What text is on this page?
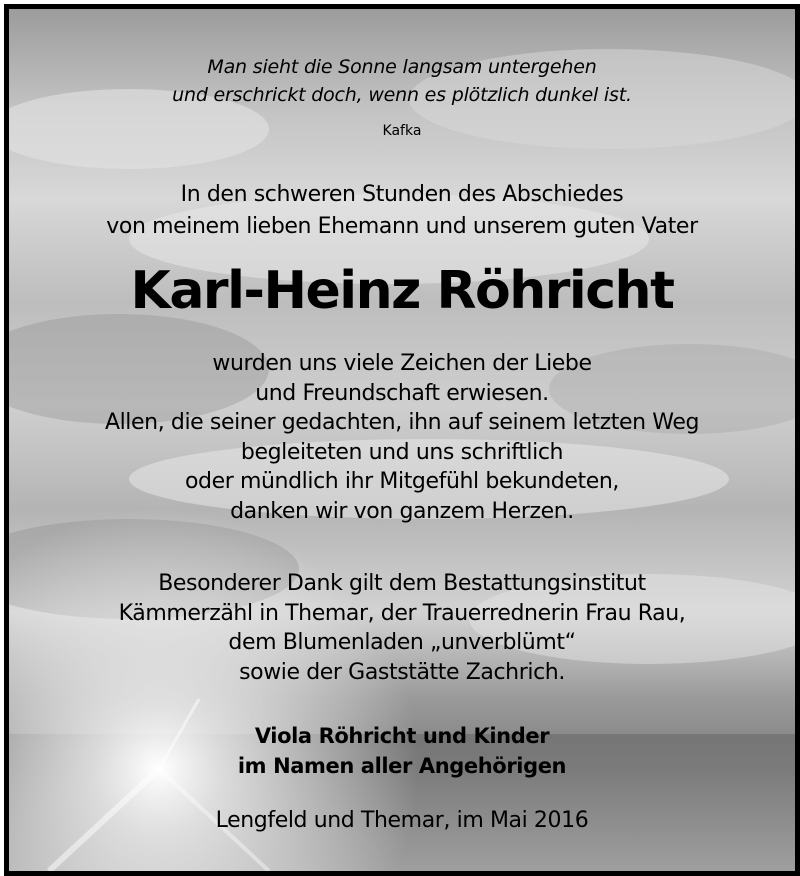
Man sieht die Sonne langsam untergehen
und erschrickt doch, wenn es plötzlich dunkel ist.
Kafka
In den schweren Stunden des Abschiedes
von meinem lieben Ehemann und unserem guten Vater
Karl-Heinz Röhricht
wurden uns viele Zeichen der Liebe
und Freundschaft erwiesen.
Allen, die seiner gedachten, ihn auf seinem letzten Weg
begleiteten und uns schriftlich
oder mündlich ihr Mitgefühl bekundeten,
danken wir von ganzem Herzen.
Besonderer Dank gilt dem Bestattungsinstitut
Kämmerzähl in Themar, der Trauerrednerin Frau Rau,
dem Blumenladen „unverblümt“
sowie der Gaststätte Zachrich.
Viola Röhricht und Kinder
im Namen aller Angehörigen
Lengfeld und Themar, im Mai 2016
